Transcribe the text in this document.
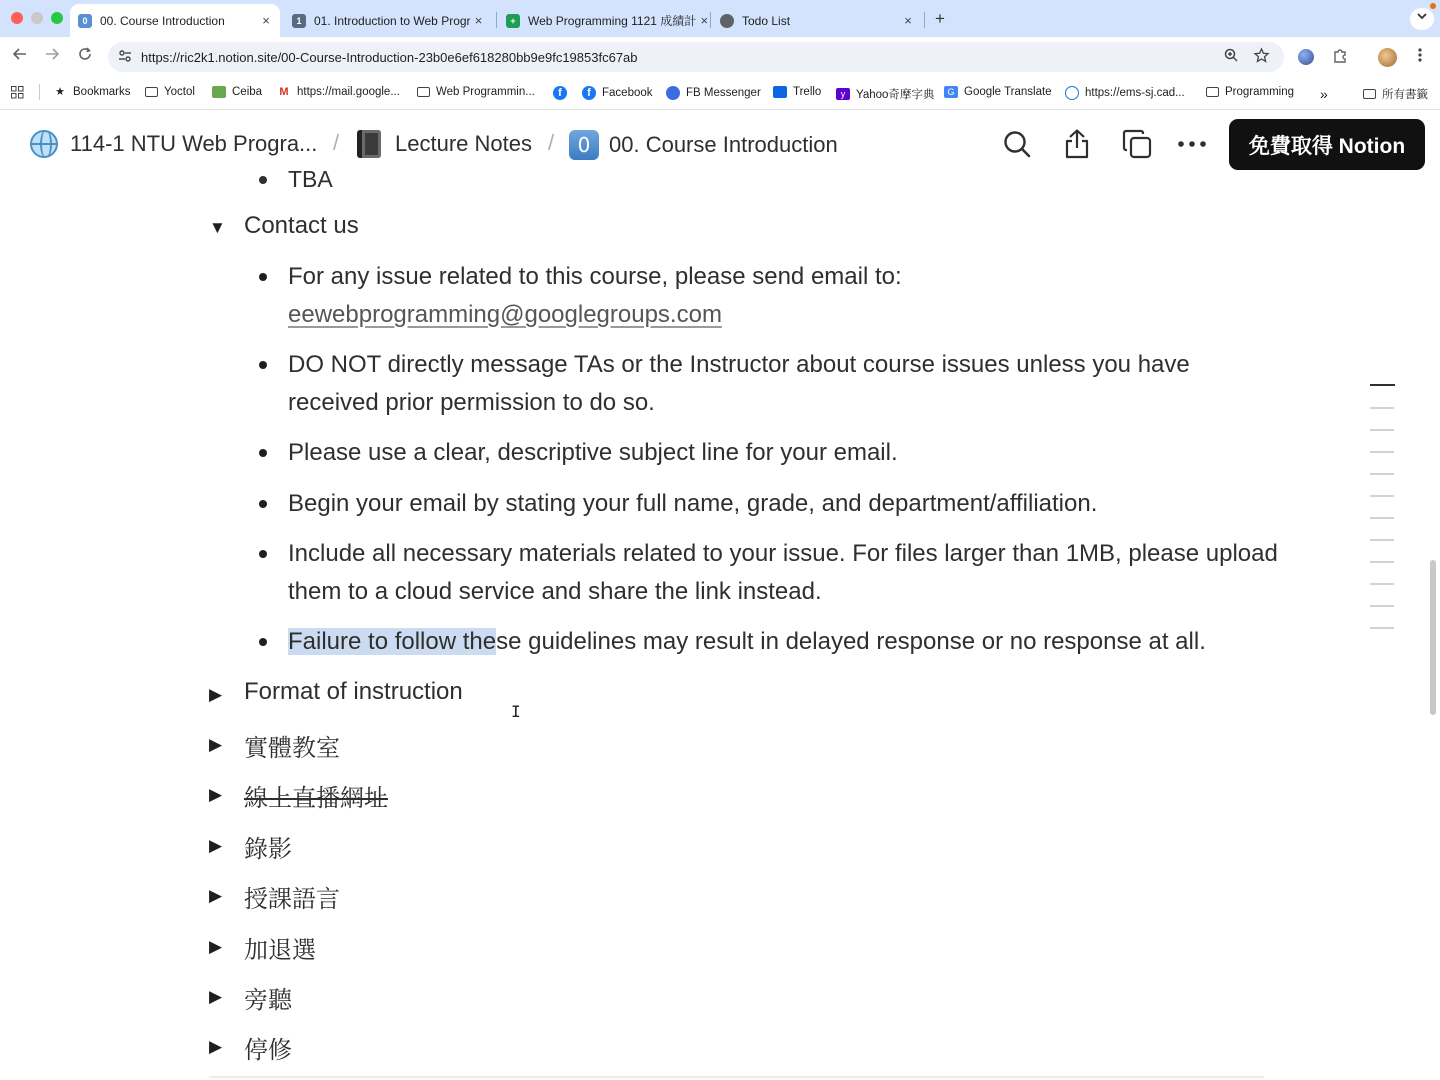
0	00. Course Introduction	×	1	01. Introduction to Web Progr ×	+	Web Programming 1121 成績計 ×	Todo List	× +
https://ric2k1.notion.site/00-Course-Introduction-23b0e6ef618280bb9e9fc19853fc67ab
★ Bookmarks	Yoctol	Ceiba M https://mail.google...	Web Programmin...	f	f Facebook	FB Messenger	Trello	y Yahoo奇摩字典	G Google Translate	https://ems-sj.cad...	Programming »	所有書籤
114-1 NTU Web Progra... /	Lecture Notes /	0 00. Course Introduction	免費取得 Notion
TBA
▼ Contact us
For any issue related to this course, please send email to:
eewebprogramming@googlegroups.com
DO NOT directly message TAs or the Instructor about course issues unless you have received prior permission to do so.
Please use a clear, descriptive subject line for your email.
Begin your email by stating your full name, grade, and department/affiliation.
Include all necessary materials related to your issue. For files larger than 1MB, please upload them to a cloud service and share the link instead.
Failure to follow these guidelines may result in delayed response or no response at all.
▶ Format of instruction
▶ 實體教室
▶ 線上直播網址
▶ 錄影
▶ 授課語言
▶ 加退選
▶ 旁聽
▶ 停修
I
